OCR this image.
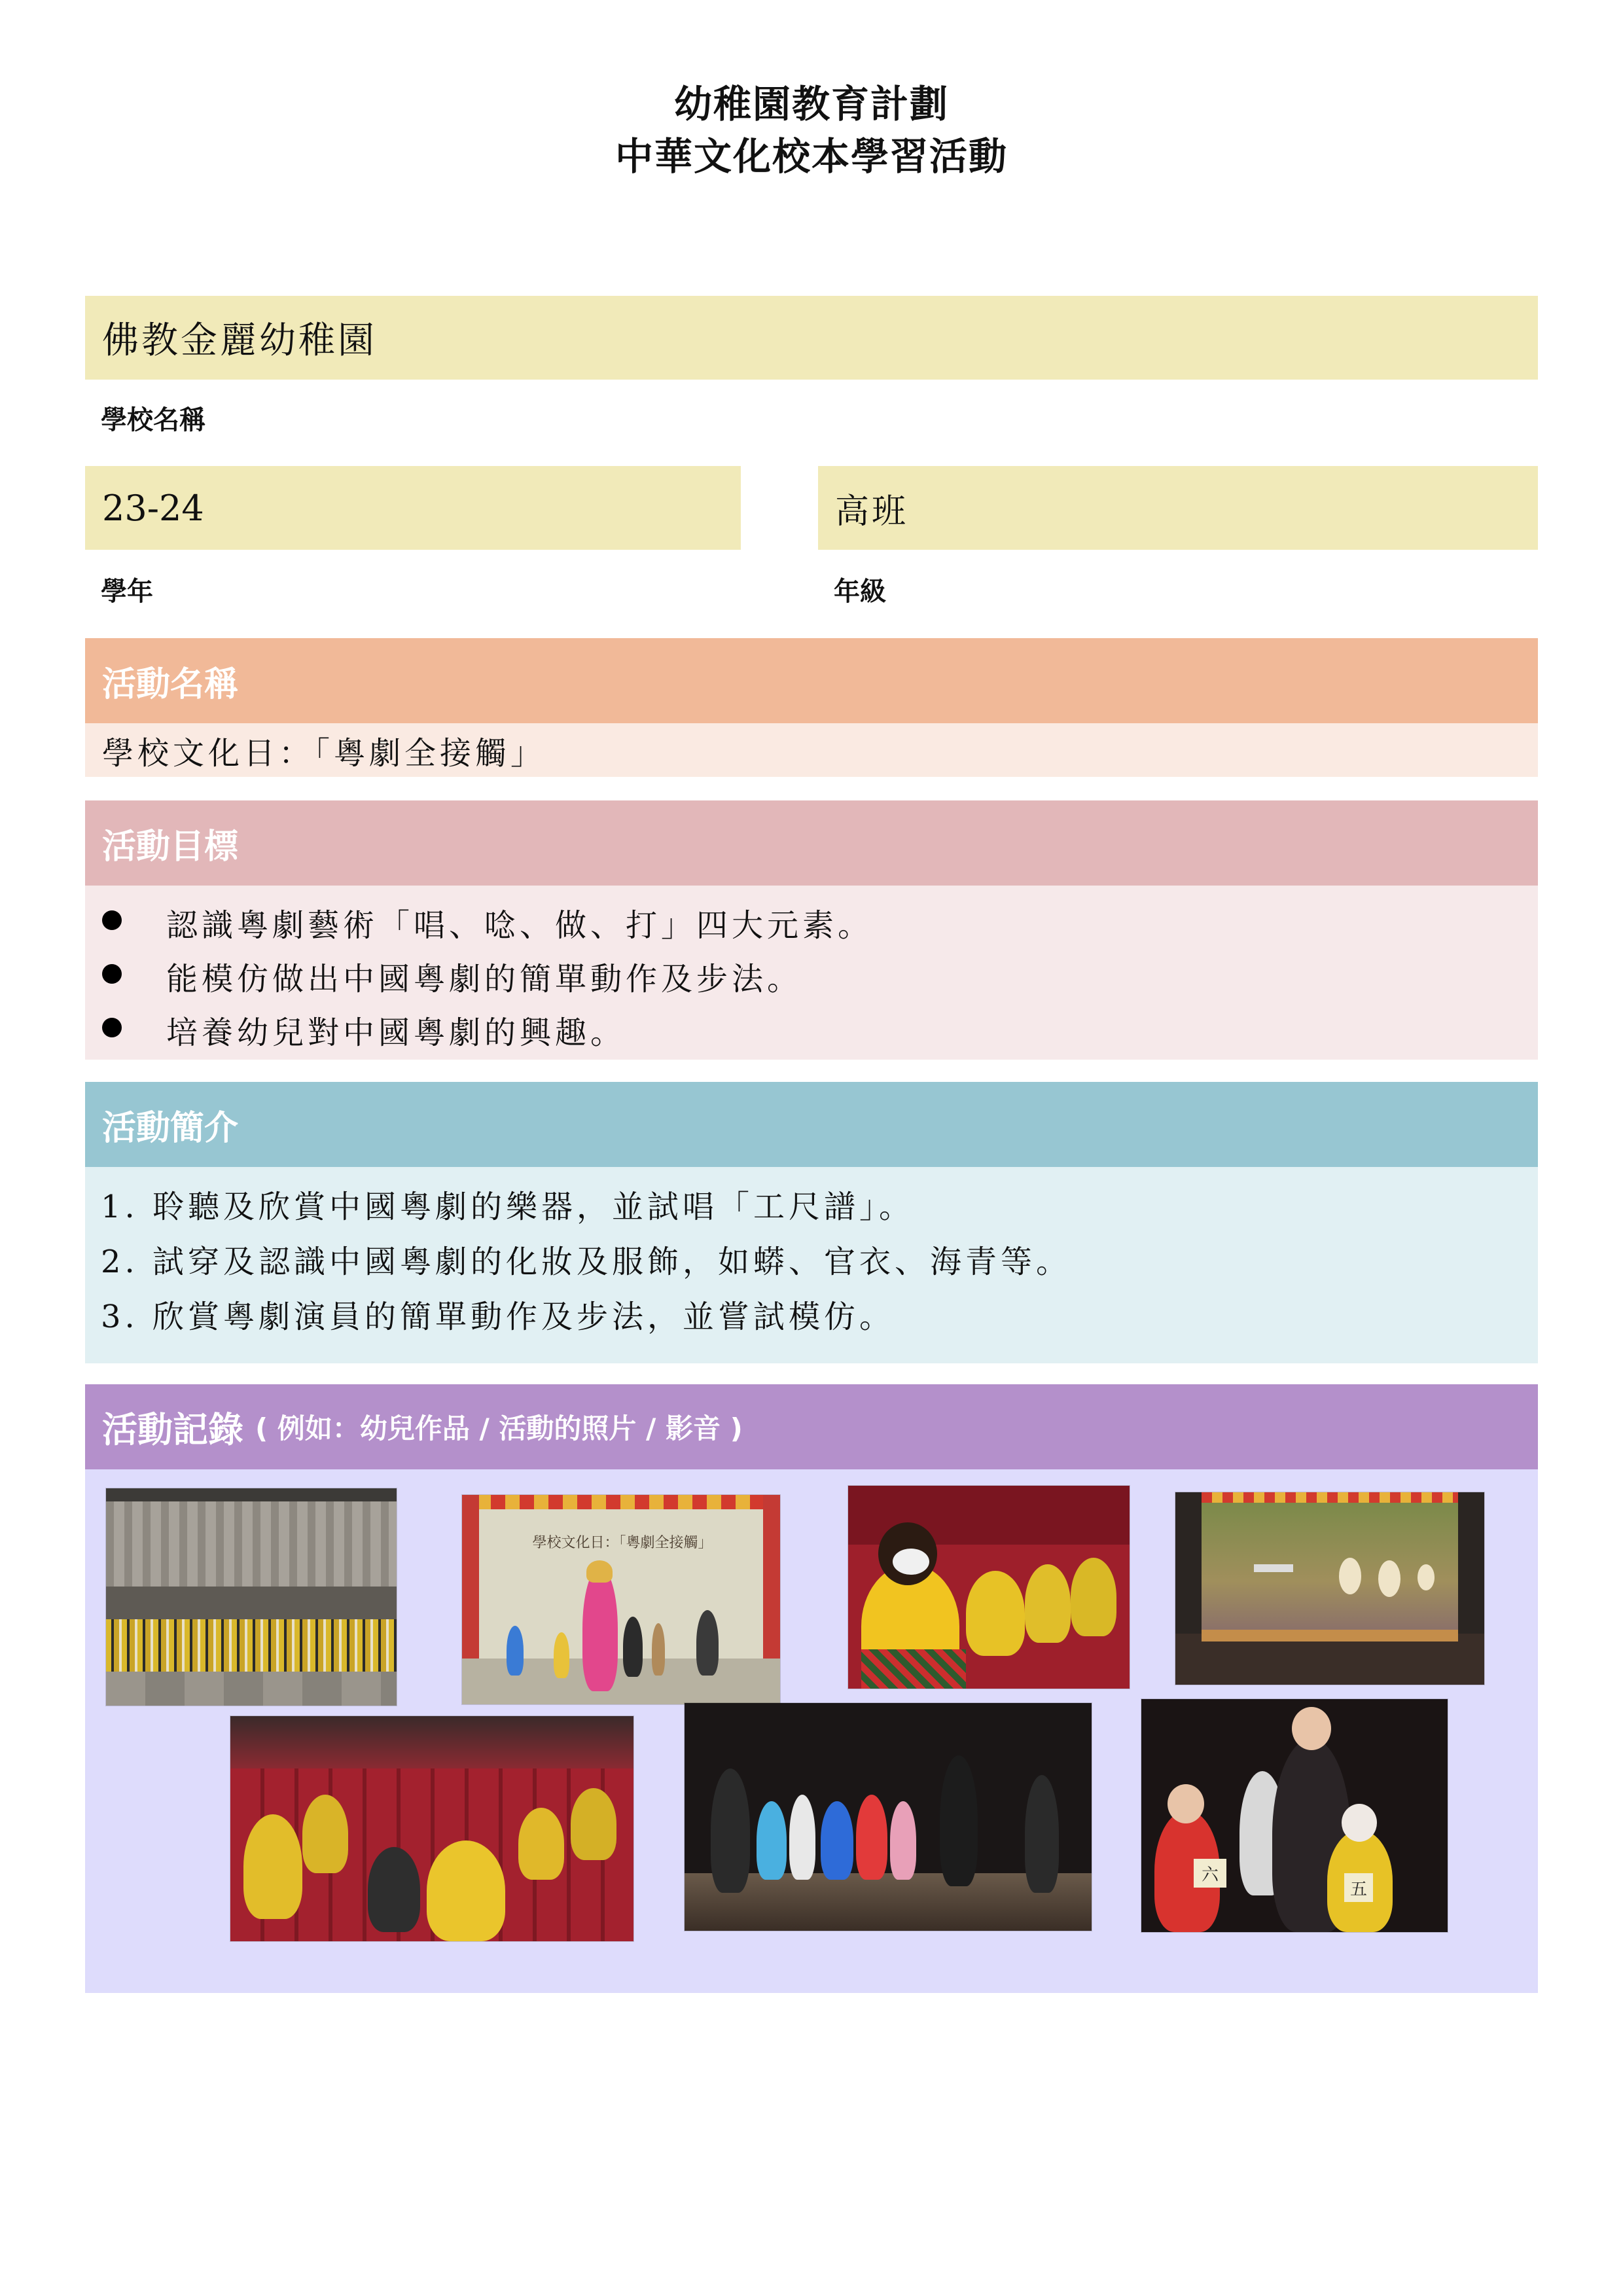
幼稚園教育計劃
中華文化校本學習活動
佛教金麗幼稚園
學校名稱
23-24
學年
高班
年級
活動名稱
學校文化日：「粵劇全接觸」
活動目標
認識粵劇藝術「唱、唸、做、打」四大元素。
能模仿做出中國粵劇的簡單動作及步法。
培養幼兒對中國粵劇的興趣。
活動簡介
1. 聆聽及欣賞中國粵劇的樂器，並試唱「工尺譜」。
2. 試穿及認識中國粵劇的化妝及服飾，如蟒、官衣、海青等。
3. 欣賞粵劇演員的簡單動作及步法，並嘗試模仿。
活動記錄 ( 例如：幼兒作品 / 活動的照片 / 影音 )
學校文化日：「粵劇全接觸」
六
五
